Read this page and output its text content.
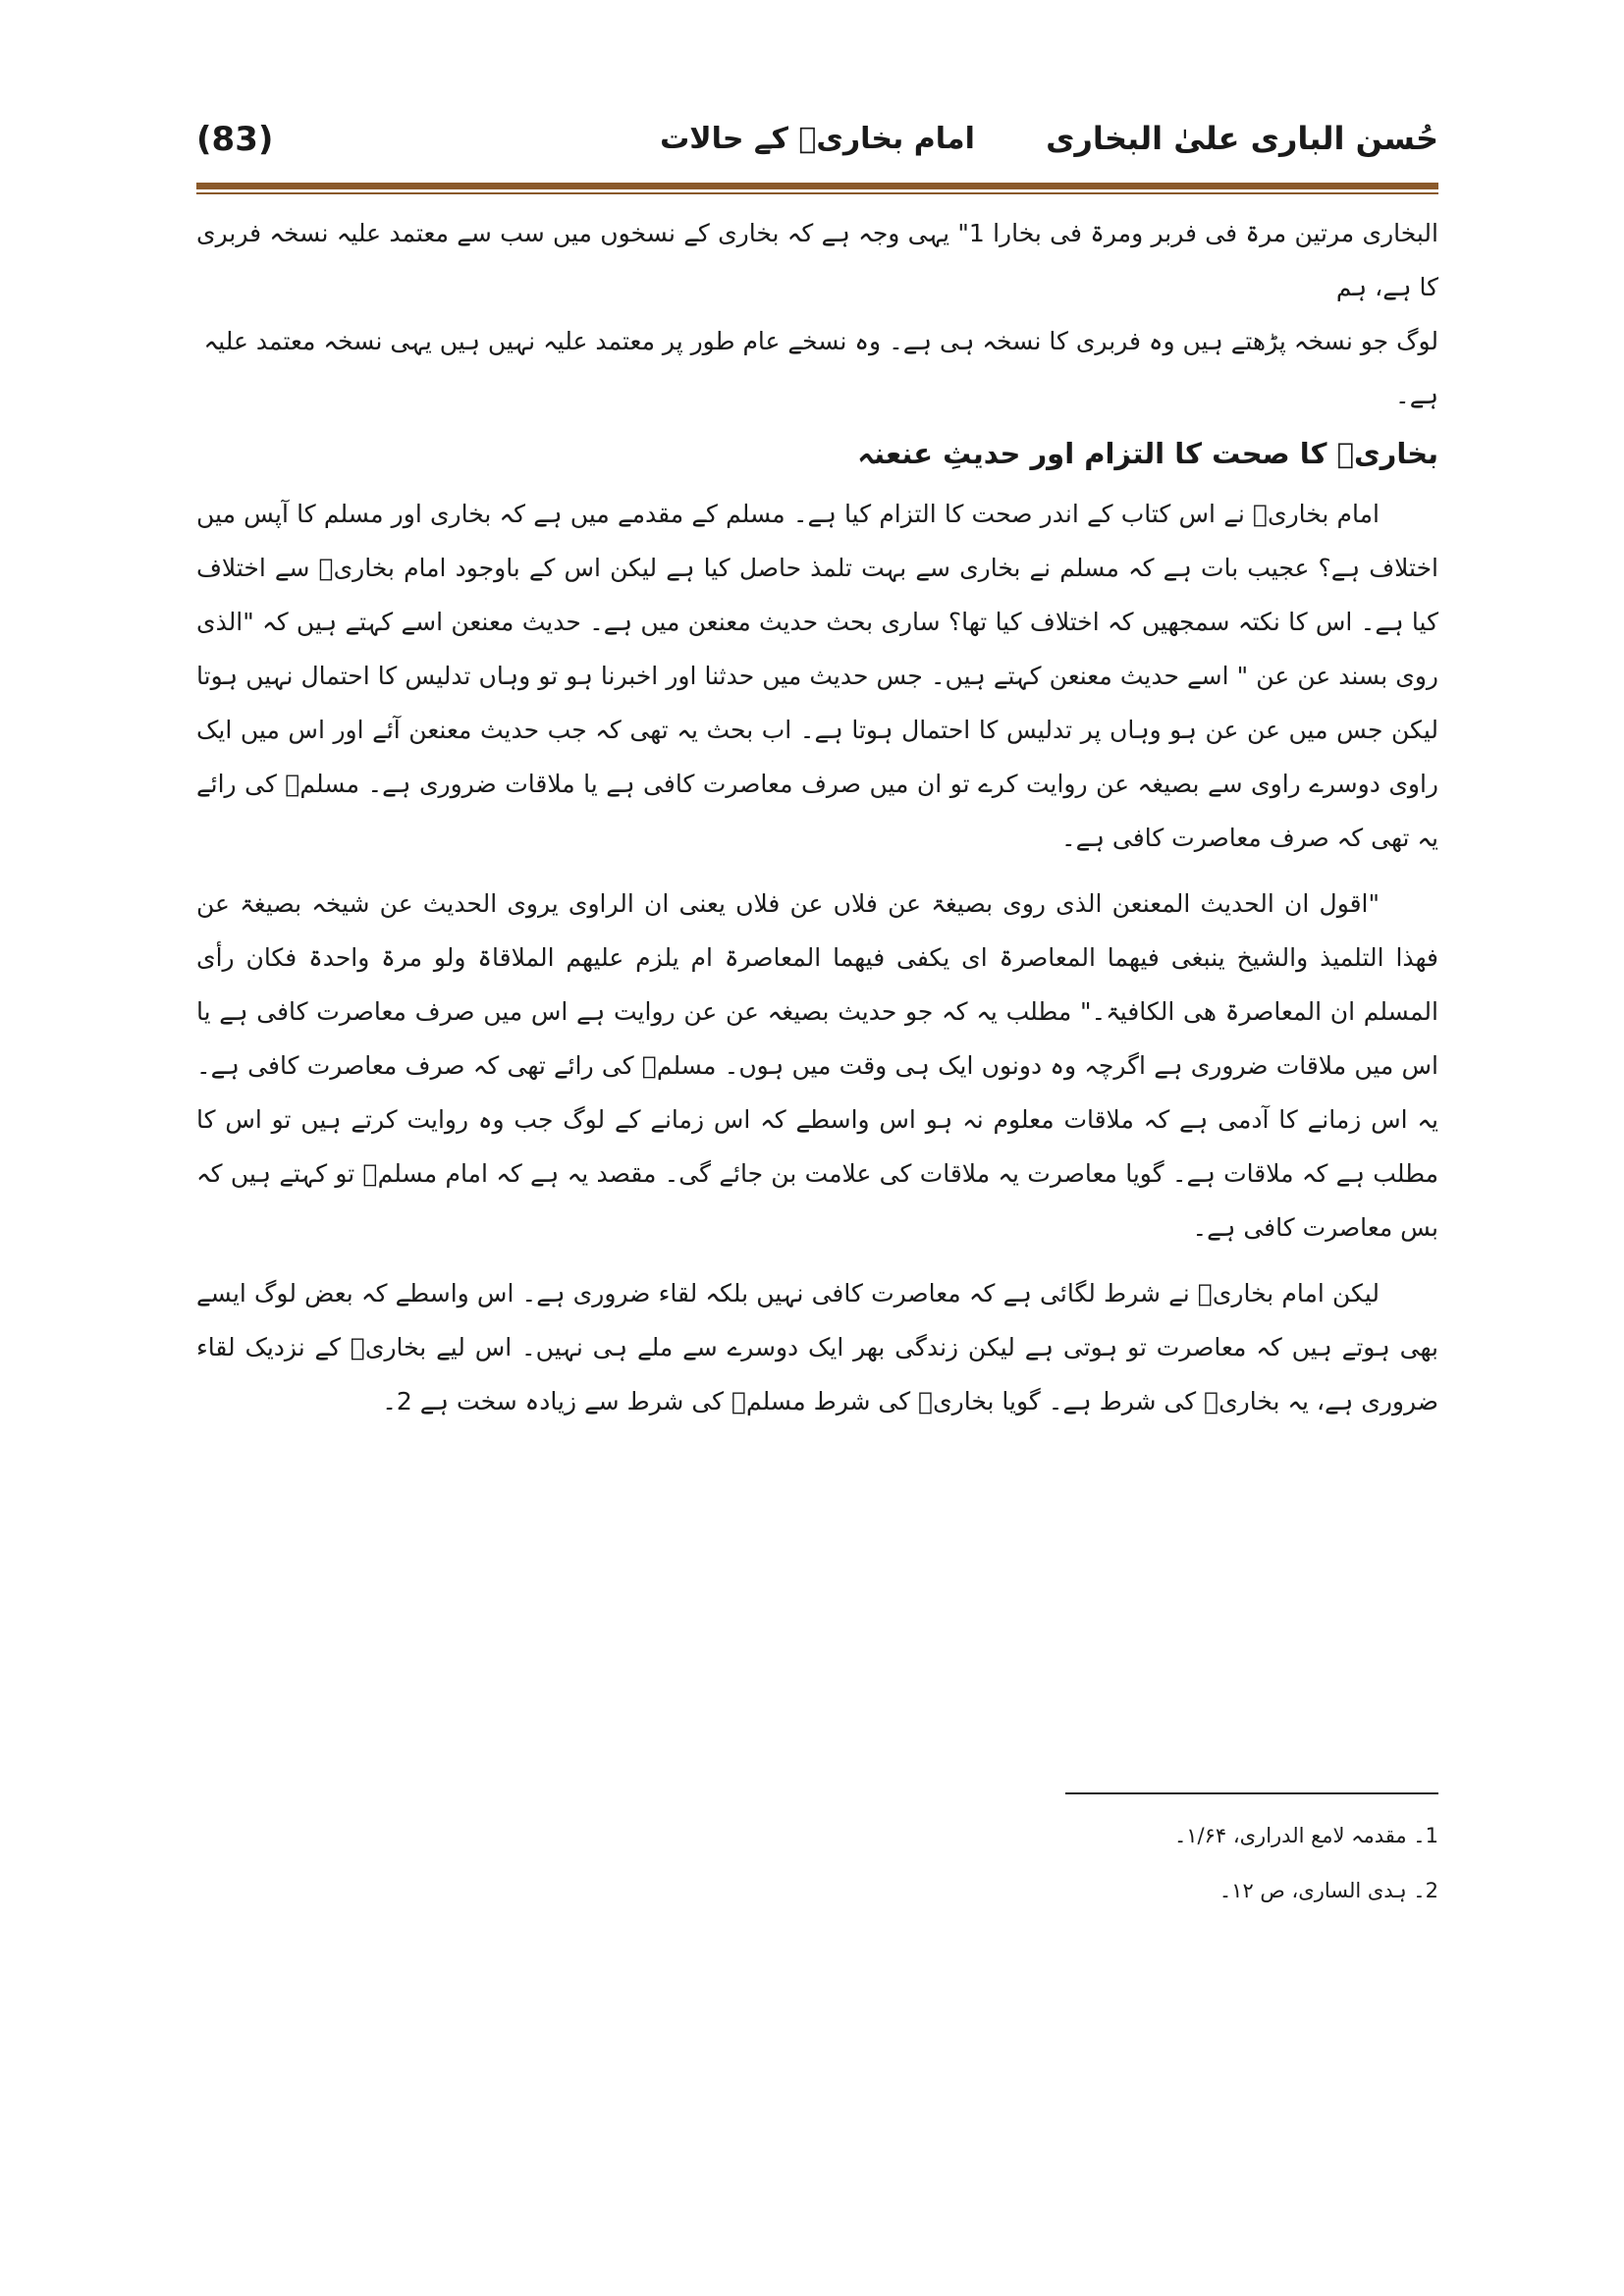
(83)	امام بخاریؒ کے حالات	حُسن الباری علیٰ البخاری

البخاری مرتین مرۃ فی فربر ومرۃ فی بخارا 1" یہی وجہ ہے کہ بخاری کے نسخوں میں سب سے معتمد علیہ نسخہ فربری کا ہے، ہم

لوگ جو نسخہ پڑھتے ہیں وہ فربری کا نسخہ ہی ہے۔ وہ نسخے عام طور پر معتمد علیہ نہیں ہیں یہی نسخہ معتمد علیہ ہے۔

بخاریؒ کا صحت کا التزام اور حدیثِ عنعنہ

امام بخاریؒ نے اس کتاب کے اندر صحت کا التزام کیا ہے۔ مسلم کے مقدمے میں ہے کہ بخاری اور مسلم کا آپس میں اختلاف ہے؟ عجیب بات ہے کہ مسلم نے بخاری سے بہت تلمذ حاصل کیا ہے لیکن اس کے باوجود امام بخاریؒ سے اختلاف کیا ہے۔ اس کا نکتہ سمجھیں کہ اختلاف کیا تھا؟ ساری بحث حدیث معنعن میں ہے۔ حدیث معنعن اسے کہتے ہیں کہ "الذی روی بسند عن عن " اسے حدیث معنعن کہتے ہیں۔ جس حدیث میں حدثنا اور اخبرنا ہو تو وہاں تدلیس کا احتمال نہیں ہوتا لیکن جس میں عن عن ہو وہاں پر تدلیس کا احتمال ہوتا ہے۔ اب بحث یہ تھی کہ جب حدیث معنعن آئے اور اس میں ایک راوی دوسرے راوی سے بصیغہ عن روایت کرے تو ان میں صرف معاصرت کافی ہے یا ملاقات ضروری ہے۔ مسلمؒ کی رائے یہ تھی کہ صرف معاصرت کافی ہے۔

"اقول ان الحدیث المعنعن الذی روی بصیغۃ عن فلاں عن فلاں یعنی ان الراوی یروی الحدیث عن شیخہ بصیغۃ عن فھذا التلمیذ والشیخ ینبغی فیھما المعاصرۃ ای یکفی فیھما المعاصرۃ ام یلزم علیھم الملاقاۃ ولو مرۃ واحدۃ فکان رأی المسلم ان المعاصرۃ ھی الکافیۃ۔" مطلب یہ کہ جو حدیث بصیغہ عن عن روایت ہے اس میں صرف معاصرت کافی ہے یا اس میں ملاقات ضروری ہے اگرچہ وہ دونوں ایک ہی وقت میں ہوں۔ مسلمؒ کی رائے تھی کہ صرف معاصرت کافی ہے۔ یہ اس زمانے کا آدمی ہے کہ ملاقات معلوم نہ ہو اس واسطے کہ اس زمانے کے لوگ جب وہ روایت کرتے ہیں تو اس کا مطلب ہے کہ ملاقات ہے۔ گویا معاصرت یہ ملاقات کی علامت بن جائے گی۔ مقصد یہ ہے کہ امام مسلمؒ تو کہتے ہیں کہ بس معاصرت کافی ہے۔

لیکن امام بخاریؒ نے شرط لگائی ہے کہ معاصرت کافی نہیں بلکہ لقاء ضروری ہے۔ اس واسطے کہ بعض لوگ ایسے بھی ہوتے ہیں کہ معاصرت تو ہوتی ہے لیکن زندگی بھر ایک دوسرے سے ملے ہی نہیں۔ اس لیے بخاریؒ کے نزدیک لقاء ضروری ہے، یہ بخاریؒ کی شرط ہے۔ گویا بخاریؒ کی شرط مسلمؒ کی شرط سے زیادہ سخت ہے 2۔

1۔ مقدمہ لامع الدراری، ۱/۶۴۔
2۔ ہدی الساری، ص ۱۲۔
